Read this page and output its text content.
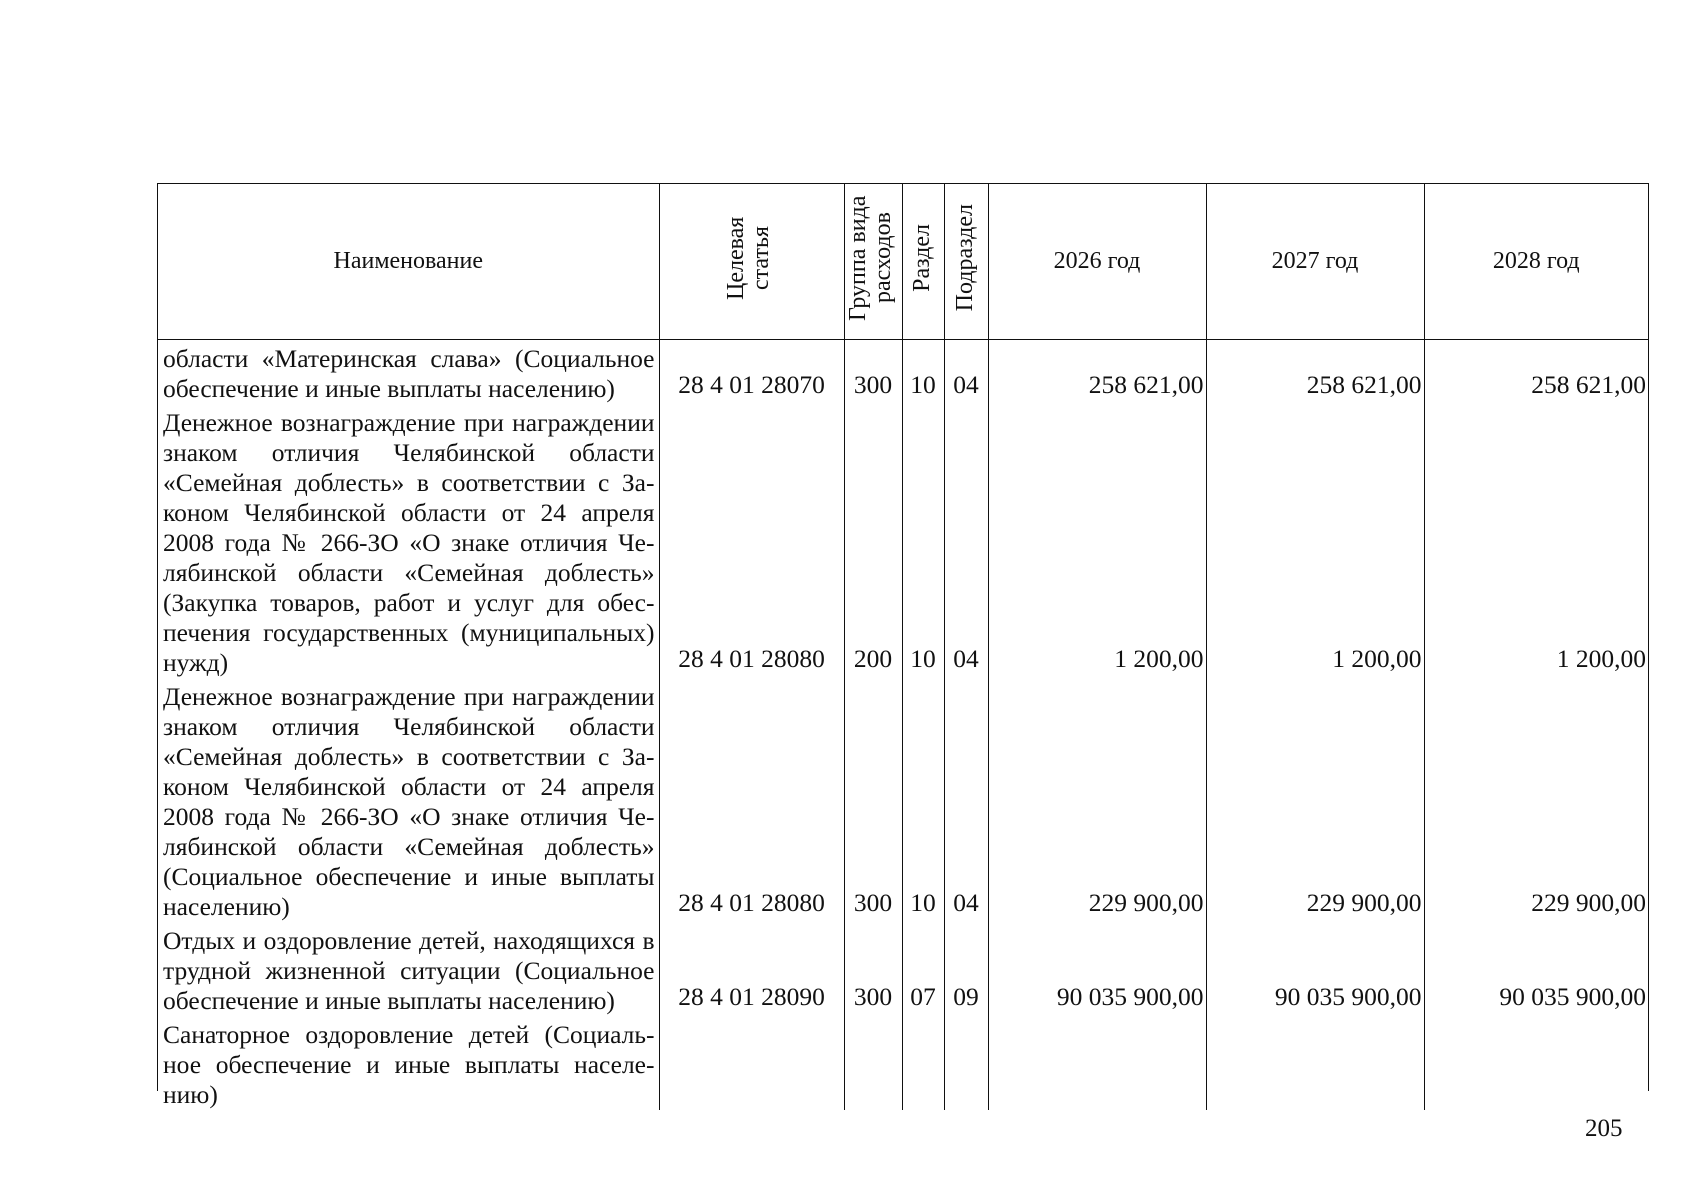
Наименование	Целевая статья	Группа вида расходов	Раздел	Подраздел	2026 год	2027 год	2028 год
области «Материнская слава» (Социальное обеспечение и иные выплаты населению)	28 4 01 28070	300	10	04	258 621,00	258 621,00	258 621,00
Денежное вознаграждение при награждении знаком отличия Челябинской области «Семейная доблесть» в соответствии с Законом Челябинской области от 24 апреля 2008 года № 266-ЗО «О знаке отличия Челябинской области «Семейная доблесть» (Закупка товаров, работ и услуг для обеспечения государственных (муниципальных) нужд)	28 4 01 28080	200	10	04	1 200,00	1 200,00	1 200,00
Денежное вознаграждение при награждении знаком отличия Челябинской области «Семейная доблесть» в соответствии с Законом Челябинской области от 24 апреля 2008 года № 266-ЗО «О знаке отличия Челябинской области «Семейная доблесть» (Социальное обеспечение и иные выплаты населению)	28 4 01 28080	300	10	04	229 900,00	229 900,00	229 900,00
Отдых и оздоровление детей, находящихся в трудной жизненной ситуации (Социальное обеспечение и иные выплаты населению)	28 4 01 28090	300	07	09	90 035 900,00	90 035 900,00	90 035 900,00
Санаторное оздоровление детей (Социальное обеспечение и иные выплаты населению)							
205
